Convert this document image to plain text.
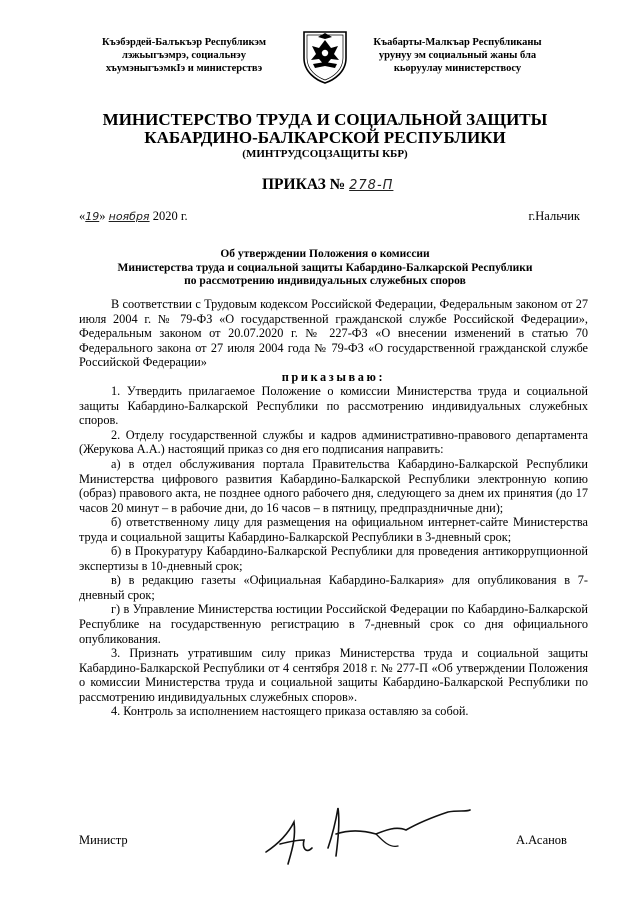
Къэбэрдей-Балъкъэр Республикэм
лэжьыгъэмрэ, социальнэу
хъумэныгъэмкIэ и министерствэ
Къабарты-Малкъар Республиканы
урунуу эм социальный жаны бла
кьоруулау министерствосу
МИНИСТЕРСТВО ТРУДА И СОЦИАЛЬНОЙ ЗАЩИТЫ
КАБАРДИНО-БАЛКАРСКОЙ РЕСПУБЛИКИ
(МИНТРУДСОЦЗАЩИТЫ КБР)
ПРИКАЗ № 278-П
«19» ноября 2020 г.	г.Нальчик
Об утверждении Положения о комиссии
Министерства труда и социальной защиты Кабардино-Балкарской Республики
по рассмотрению индивидуальных служебных споров

В соответствии с Трудовым кодексом Российской Федерации, Федеральным законом от 27 июля 2004 г. № 79-ФЗ «О государственной гражданской службе Российской Федерации», Федеральным законом от 20.07.2020 г. № 227-ФЗ «О внесении изменений в статью 70 Федерального закона от 27 июля 2004 года № 79-ФЗ «О государственной гражданской службе Российской Федерации»

приказываю:

1. Утвердить прилагаемое Положение о комиссии Министерства труда и социальной защиты Кабардино-Балкарской Республики по рассмотрению индивидуальных служебных споров.

2. Отделу государственной службы и кадров административно-правового департамента (Жерукова А.А.) настоящий приказ со дня его подписания направить:

а) в отдел обслуживания портала Правительства Кабардино-Балкарской Республики Министерства цифрового развития Кабардино-Балкарской Республики электронную копию (образ) правового акта, не позднее одного рабочего дня, следующего за днем их принятия (до 17 часов 20 минут – в рабочие дни, до 16 часов – в пятницу, предпраздничные дни);

б) ответственному лицу для размещения на официальном интернет-сайте Министерства труда и социальной защиты Кабардино-Балкарской Республики в 3-дневный срок;

б) в Прокуратуру Кабардино-Балкарской Республики для проведения антикоррупционной экспертизы в 10-дневный срок;

в) в редакцию газеты «Официальная Кабардино-Балкария» для опубликования в 7-дневный срок;

г) в Управление Министерства юстиции Российской Федерации по Кабардино-Балкарской Республике на государственную регистрацию в 7-дневный срок со дня официального опубликования.

3. Признать утратившим силу приказ Министерства труда и социальной защиты Кабардино-Балкарской Республики от 4 сентября 2018 г. № 277-П «Об утверждении Положения о комиссии Министерства труда и социальной защиты Кабардино-Балкарской Республики по рассмотрению индивидуальных служебных споров».

4. Контроль за исполнением настоящего приказа оставляю за собой.

Министр	А.Асанов
